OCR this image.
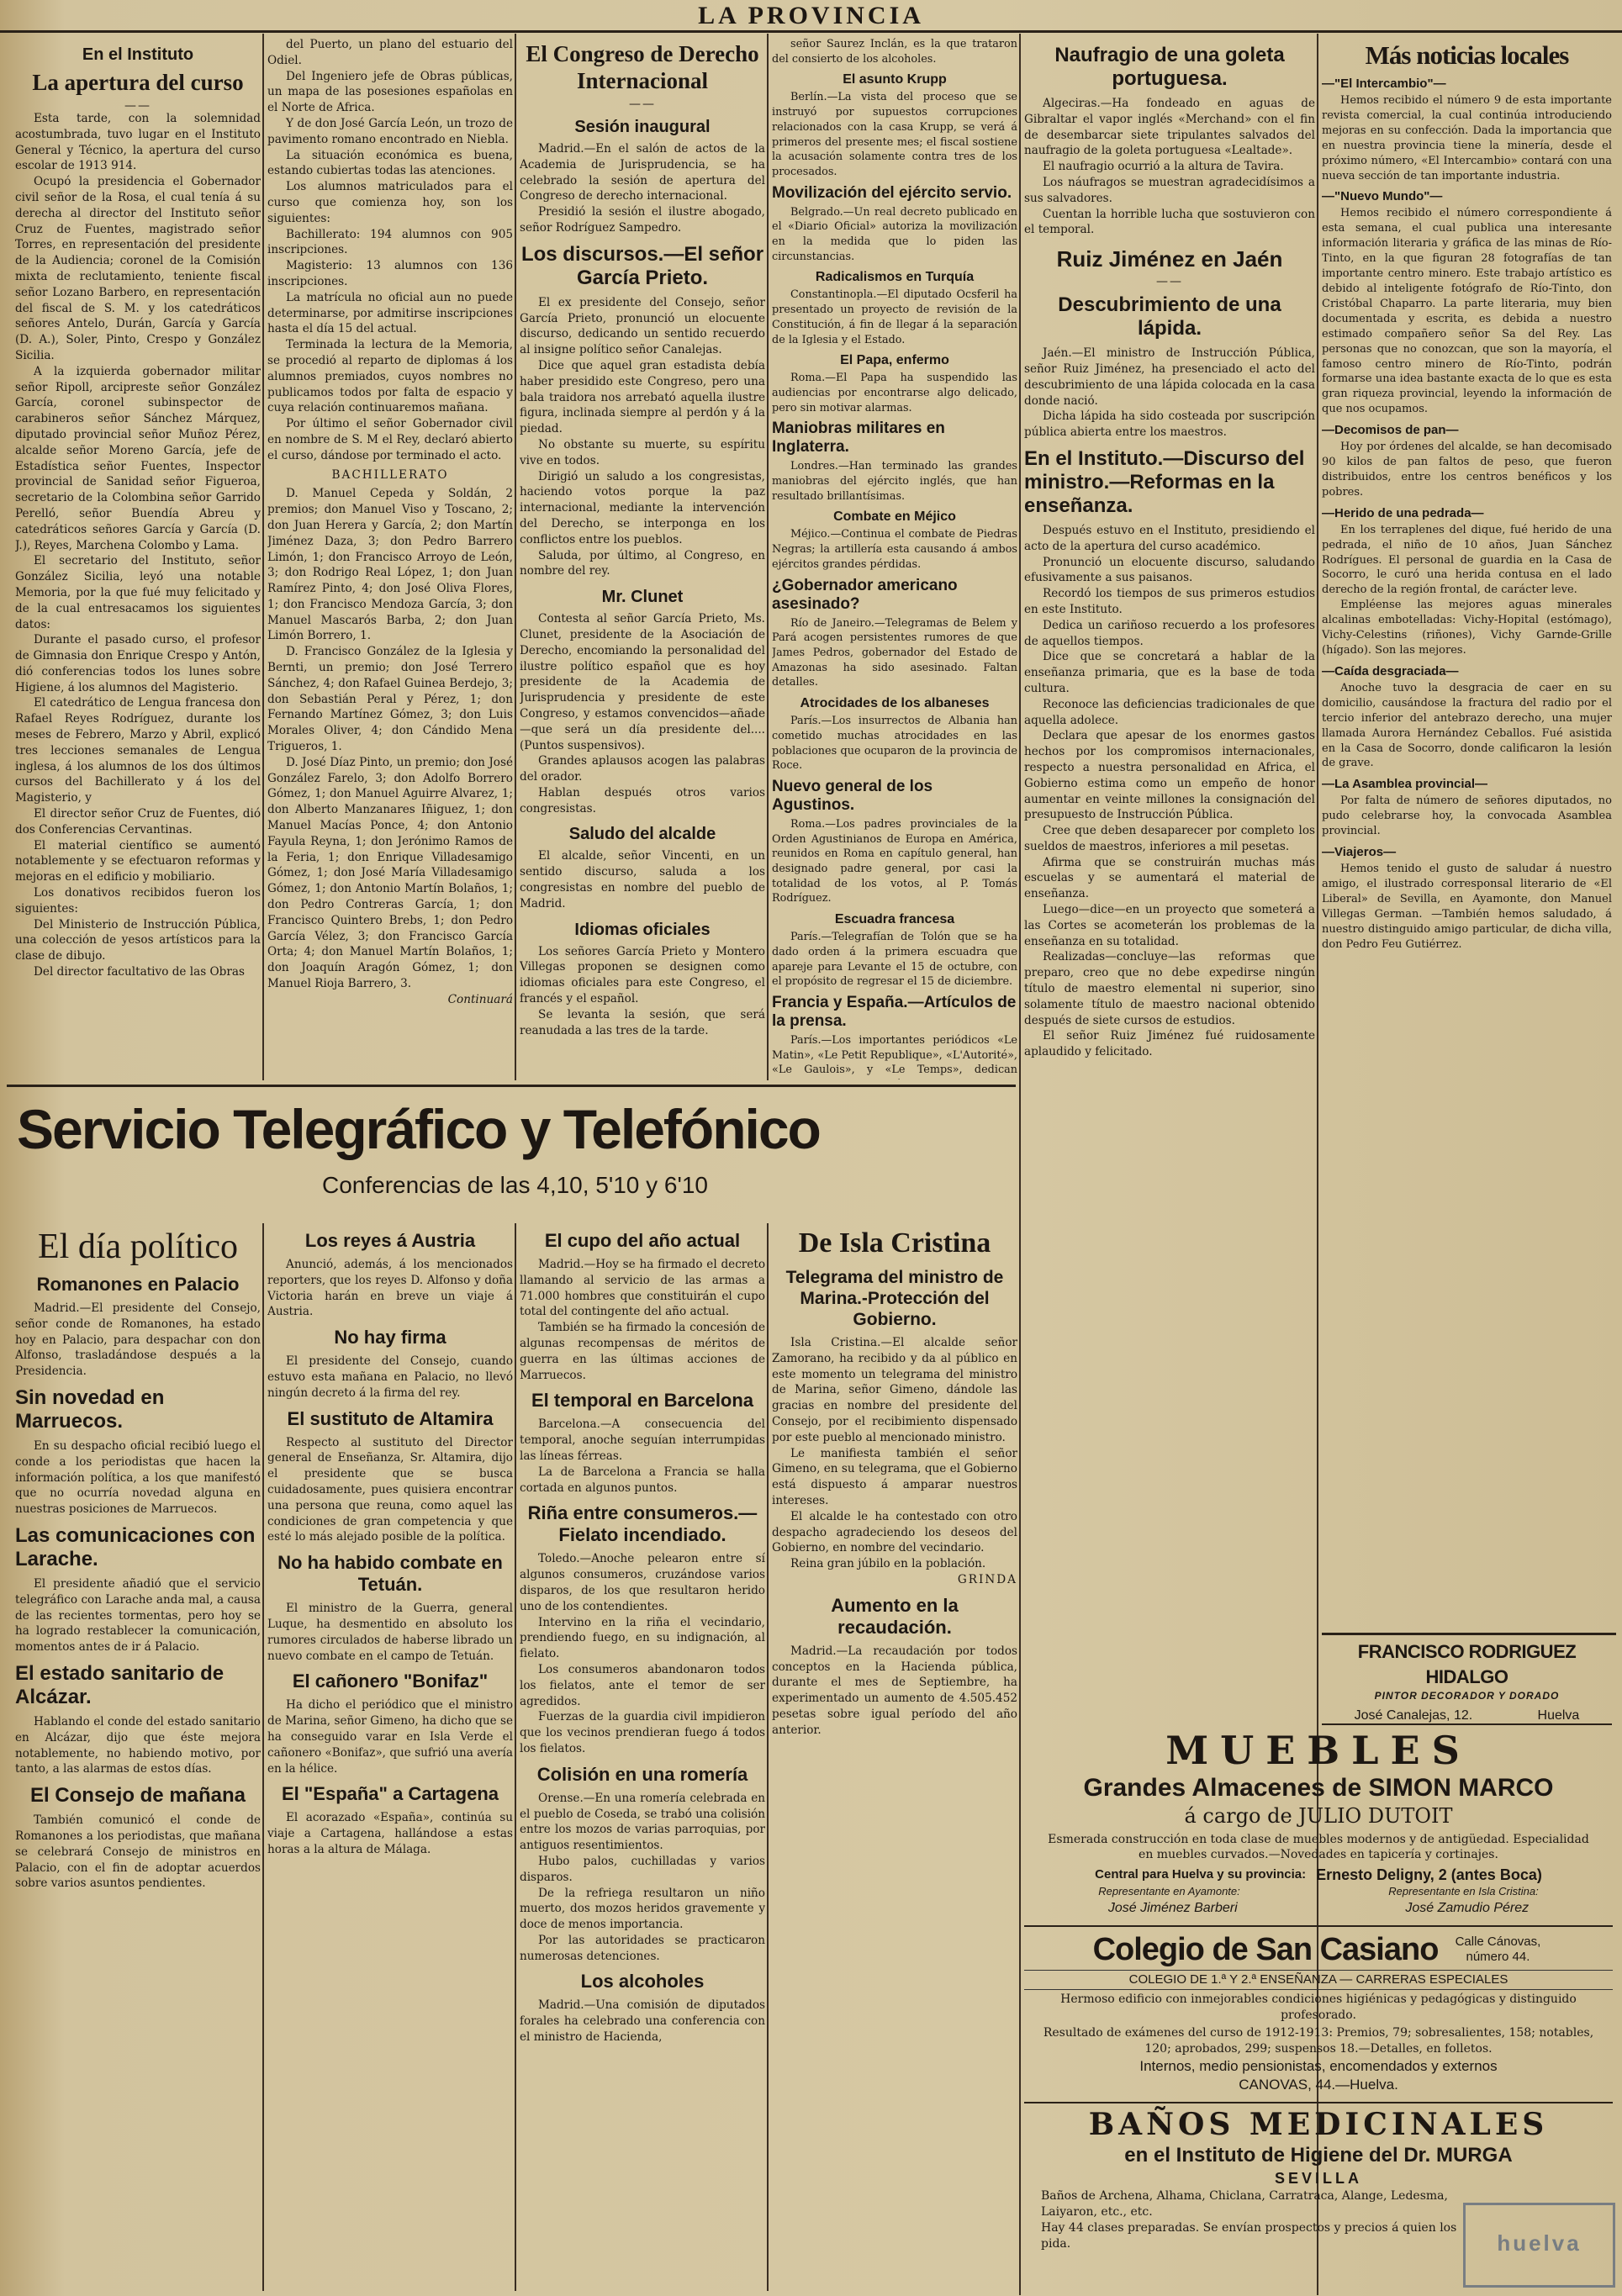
LA PROVINCIA
En el Instituto
La apertura del curso
——

Esta tarde, con la solemnidad acostumbrada, tuvo lugar en el Instituto General y Técnico, la apertura del curso escolar de 1913 914.

Ocupó la presidencia el Gobernador civil señor de la Rosa, el cual tenía á su derecha al director del Instituto señor Cruz de Fuentes, magistrado señor Torres, en representación del presidente de la Audiencia; coronel de la Comisión mixta de reclutamiento, teniente fiscal señor Lozano Barbero, en representación del fiscal de S. M. y los catedráticos señores Antelo, Durán, García y García (D. A.), Soler, Pinto, Crespo y González Sicilia.

A la izquierda gobernador militar señor Ripoll, arcipreste señor González García, coronel subinspector de carabineros señor Sánchez Márquez, diputado provincial señor Muñoz Pérez, alcalde señor Moreno García, jefe de Estadística señor Fuentes, Inspector provincial de Sanidad señor Figueroa, secretario de la Colombina señor Garrido Perelló, señor Buendía Abreu y catedráticos señores García y García (D. J.), Reyes, Marchena Colombo y Lama.

El secretario del Instituto, señor González Sicilia, leyó una notable Memoria, por la que fué muy felicitado y de la cual entresacamos los siguientes datos:

Durante el pasado curso, el profesor de Gimnasia don Enrique Crespo y Antón, dió conferencias todos los lunes sobre Higiene, á los alumnos del Magisterio.

El catedrático de Lengua francesa don Rafael Reyes Rodríguez, durante los meses de Febrero, Marzo y Abril, explicó tres lecciones semanales de Lengua inglesa, á los alumnos de los dos últimos cursos del Bachillerato y á los del Magisterio, y

El director señor Cruz de Fuentes, dió dos Conferencias Cervantinas.

El material científico se aumentó notablemente y se efectuaron reformas y mejoras en el edificio y mobiliario.

Los donativos recibidos fueron los siguientes:

Del Ministerio de Instrucción Pública, una colección de yesos artísticos para la clase de dibujo.

Del director facultativo de las Obras

del Puerto, un plano del estuario del Odiel.

Del Ingeniero jefe de Obras públicas, un mapa de las posesiones españolas en el Norte de Africa.

Y de don José García León, un trozo de pavimento romano encontrado en Niebla.

La situación económica es buena, estando cubiertas todas las atenciones.

Los alumnos matriculados para el curso que comienza hoy, son los siguientes:

Bachillerato: 194 alumnos con 905 inscripciones.

Magisterio: 13 alumnos con 136 inscripciones.

La matrícula no oficial aun no puede determinarse, por admitirse inscripciones hasta el día 15 del actual.

Terminada la lectura de la Memoria, se procedió al reparto de diplomas á los alumnos premiados, cuyos nombres no publicamos todos por falta de espacio y cuya relación continuaremos mañana.

Por último el señor Gobernador civil en nombre de S. M el Rey, declaró abierto el curso, dándose por terminado el acto.

BACHILLERATO

D. Manuel Cepeda y Soldán, 2 premios; don Manuel Viso y Toscano, 2; don Juan Herera y García, 2; don Martín Jiménez Daza, 3; don Pedro Barrero Limón, 1; don Francisco Arroyo de León, 3; don Rodrigo Real López, 1; don Juan Ramírez Pinto, 4; don José Oliva Flores, 1; don Francisco Mendoza García, 3; don Manuel Mascarós Barba, 2; don Juan Limón Borrero, 1.

D. Francisco González de la Iglesia y Bernti, un premio; don José Terrero Sánchez, 4; don Rafael Guinea Berdejo, 3; don Sebastián Peral y Pérez, 1; don Fernando Martínez Gómez, 3; don Luis Morales Oliver, 4; don Cándido Mena Trigueros, 1.

D. José Díaz Pinto, un premio; don José González Farelo, 3; don Adolfo Borrero Gómez, 1; don Manuel Aguirre Alvarez, 1; don Alberto Manzanares Iñiguez, 1; don Manuel Macías Ponce, 4; don Antonio Fayula Reyna, 1; don Jerónimo Ramos de la Feria, 1; don Enrique Villadesamigo Gómez, 1; don José María Villadesamigo Gómez, 1; don Antonio Martín Bolaños, 1; don Pedro Contreras García, 1; don Francisco Quintero Brebs, 1; don Pedro García Vélez, 3; don Francisco García Orta; 4; don Manuel Martín Bolaños, 1; don Joaquín Aragón Gómez, 1; don Manuel Rioja Barrero, 3.

Continuará
El Congreso de Derecho Internacional
——
Sesión inaugural

Madrid.—En el salón de actos de la Academia de Jurisprudencia, se ha celebrado la sesión de apertura del Congreso de derecho internacional.

Presidió la sesión el ilustre abogado, señor Rodríguez Sampedro.

Los discursos.—El señor García Prieto.

El ex presidente del Consejo, señor García Prieto, pronunció un elocuente discurso, dedicando un sentido recuerdo al insigne político señor Canalejas.

Dice que aquel gran estadista debía haber presidido este Congreso, pero una bala traidora nos arrebató aquella ilustre figura, inclinada siempre al perdón y á la piedad.

No obstante su muerte, su espíritu vive en todos.

Dirigió un saludo a los congresistas, haciendo votos porque la paz internacional, mediante la intervención del Derecho, se interponga en los conflictos entre los pueblos.

Saluda, por último, al Congreso, en nombre del rey.

Mr. Clunet

Contesta al señor García Prieto, Ms. Clunet, presidente de la Asociación de Derecho, encomiando la personalidad del ilustre político español que es hoy presidente de la Academia de Jurisprudencia y presidente de este Congreso, y estamos convencidos—añade—que será un día presidente del.... (Puntos suspensivos).

Grandes aplausos acogen las palabras del orador.

Hablan después otros varios congresistas.

Saludo del alcalde

El alcalde, señor Vincenti, en un sentido discurso, saluda a los congresistas en nombre del pueblo de Madrid.

Idiomas oficiales

Los señores García Prieto y Montero Villegas proponen se designen como idiomas oficiales para este Congreso, el francés y el español.

Se levanta la sesión, que será reanudada a las tres de la tarde.

señor Saurez Inclán, es la que trataron del consierto de los alcoholes.

El asunto Krupp

Berlín.—La vista del proceso que se instruyó por supuestos corrupciones relacionados con la casa Krupp, se verá á primeros del presente mes; el fiscal sostiene la acusación solamente contra tres de los procesados.

Movilización del ejército servio.

Belgrado.—Un real decreto publicado en el «Diario Oficial» autoriza la movilización en la medida que lo piden las circunstancias.

Radicalismos en Turquía

Constantinopla.—El diputado Ocsferil ha presentado un proyecto de revisión de la Constitución, á fin de llegar á la separación de la Iglesia y el Estado.

El Papa, enfermo

Roma.—El Papa ha suspendido las audiencias por encontrarse algo delicado, pero sin motivar alarmas.

Maniobras militares en Inglaterra.

Londres.—Han terminado las grandes maniobras del ejército inglés, que han resultado brillantísimas.

Combate en Méjico

Méjico.—Continua el combate de Piedras Negras; la artillería esta causando á ambos ejércitos grandes pérdidas.

¿Gobernador americano asesinado?

Río de Janeiro.—Telegramas de Belem y Pará acogen persistentes rumores de que James Pedros, gobernador del Estado de Amazonas ha sido asesinado. Faltan detalles.

Atrocidades de los albaneses

París.—Los insurrectos de Albania han cometido muchas atrocidades en las poblaciones que ocuparon de la provincia de Roce.

Nuevo general de los Agustinos.

Roma.—Los padres provinciales de la Orden Agustinianos de Europa en América, reunidos en Roma en capítulo general, han designado padre general, por casi la totalidad de los votos, al P. Tomás Rodríguez.

Escuadra francesa

París.—Telegrafían de Tolón que se ha dado orden á la primera escuadra que apareje para Levante el 15 de octubre, con el propósito de regresar el 15 de diciembre.

Francia y España.—Artículos de la prensa.

París.—Los importantes periódicos «Le Matin», «Le Petit Republique», «L'Autorité», «Le Gaulois», y «Le Temps», dedican

Naufragio de una goleta portuguesa.

Algeciras.—Ha fondeado en aguas de Gibraltar el vapor inglés «Merchand» con el fin de desembarcar siete tripulantes salvados del naufragio de la goleta portuguesa «Lealtade».

El naufragio ocurrió a la altura de Tavira.

Los náufragos se muestran agradecidísimos a sus salvadores.

Cuentan la horrible lucha que sostuvieron con el temporal.

Ruiz Jiménez en Jaén
——
Descubrimiento de una lápida.

Jaén.—El ministro de Instrucción Pública, señor Ruiz Jiménez, ha presenciado el acto del descubrimiento de una lápida colocada en la casa donde nació.

Dicha lápida ha sido costeada por suscripción pública abierta entre los maestros.

En el Instituto.—Discurso del ministro.—Reformas en la enseñanza.

Después estuvo en el Instituto, presidiendo el acto de la apertura del curso académico.

Pronunció un elocuente discurso, saludando efusivamente a sus paisanos.

Recordó los tiempos de sus primeros estudios en este Instituto.

Dedica un cariñoso recuerdo a los profesores de aquellos tiempos.

Dice que se concretará a hablar de la enseñanza primaria, que es la base de toda cultura.

Reconoce las deficiencias tradicionales de que aquella adolece.

Declara que apesar de los enormes gastos hechos por los compromisos internacionales, respecto a nuestra personalidad en Africa, el Gobierno estima como un empeño de honor aumentar en veinte millones la consignación del presupuesto de Instrucción Pública.

Cree que deben desaparecer por completo los sueldos de maestros, inferiores a mil pesetas.

Afirma que se construirán muchas más escuelas y se aumentará el material de enseñanza.

Luego—dice—en un proyecto que someterá a las Cortes se acometerán los problemas de la enseñanza en su totalidad.

Realizadas—concluye—las reformas que preparo, creo que no debe expedirse ningún título de maestro elemental ni superior, sino solamente título de maestro nacional obtenido después de siete cursos de estudios.

El señor Ruiz Jiménez fué ruidosamente aplaudido y felicitado.

Más noticias locales
—"El Intercambio"—

Hemos recibido el número 9 de esta importante revista comercial, la cual continúa introduciendo mejoras en su confección. Dada la importancia que en nuestra provincia tiene la minería, desde el próximo número, «El Intercambio» contará con una nueva sección de tan importante industria.

—"Nuevo Mundo"—

Hemos recibido el número correspondiente á esta semana, el cual publica una interesante información literaria y gráfica de las minas de Río-Tinto, en la que figuran 28 fotografías de tan importante centro minero. Este trabajo artístico es debido al inteligente fotógrafo de Río-Tinto, don Cristóbal Chaparro. La parte literaria, muy bien documentada y escrita, es debida a nuestro estimado compañero señor Sa del Rey. Las personas que no conozcan, que son la mayoría, el famoso centro minero de Río-Tinto, podrán formarse una idea bastante exacta de lo que es esta gran riqueza provincial, leyendo la información de que nos ocupamos.

—Decomisos de pan—

Hoy por órdenes del alcalde, se han decomisado 90 kilos de pan faltos de peso, que fueron distribuidos, entre los centros benéficos y los pobres.

—Herido de una pedrada—

En los terraplenes del dique, fué herido de una pedrada, el niño de 10 años, Juan Sánchez Rodrígues. El personal de guardia en la Casa de Socorro, le curó una herida contusa en el lado derecho de la región frontal, de carácter leve.

Empléense las mejores aguas minerales alcalinas embotelladas: Vichy-Hopital (estómago), Vichy-Celestins (riñones), Vichy Garnde-Grille (hígado). Son las mejores.

—Caída desgraciada—

Anoche tuvo la desgracia de caer en su domicilio, causándose la fractura del radio por el tercio inferior del antebrazo derecho, una mujer llamada Aurora Hernández Ceballos. Fué asistida en la Casa de Socorro, donde calificaron la lesión de grave.

—La Asamblea provincial—

Por falta de número de señores diputados, no pudo celebrarse hoy, la convocada Asamblea provincial.

—Viajeros—

Hemos tenido el gusto de saludar á nuestro amigo, el ilustrado corresponsal literario de «El Liberal» de Sevilla, en Ayamonte, don Manuel Villegas German. —También hemos saludado, á nuestro distinguido amigo particular, de dicha villa, don Pedro Feu Gutiérrez.

FRANCISCO RODRIGUEZ HIDALGO
PINTOR DECORADOR Y DORADO
José Canalejas, 12.	Huelva
MUEBLES
Grandes Almacenes de SIMON MARCO
á cargo de JULIO DUTOIT
Esmerada construcción en toda clase de muebles modernos y de antigüedad. Especialidad en muebles curvados.—Novedades en tapicería y cortinajes.
Central para Huelva y su provincia: Ernesto Deligny, 2 (antes Boca)
Representante en Ayamonte:	Representante en Isla Cristina:
José Jiménez Barberi	José Zamudio Pérez
Colegio de San Casiano Calle Cánovas, número 44.
COLEGIO DE 1.ª Y 2.ª ENSEÑANZA — CARRERAS ESPECIALES
Hermoso edificio con inmejorables condiciones higiénicas y pedagógicas y distinguido profesorado.
Resultado de exámenes del curso de 1912-1913: Premios, 79; sobresalientes, 158; notables, 120; aprobados, 299; suspensos 18.—Detalles, en folletos.
Internos, medio pensionistas, encomendados y externos
CANOVAS, 44.—Huelva.
BAÑOS MEDICINALES
en el Instituto de Higiene del Dr. MURGA
SEVILLA
Baños de Archena, Alhama, Chiclana, Carratraca, Alange, Ledesma, Laiyaron, etc., etc.
Hay 44 clases preparadas. Se envían prospectos y precios á quien los pida.	huelva
Servicio Telegráfico y Telefónico
Conferencias de las 4,10, 5'10 y 6'10
El día político
Romanones en Palacio

Madrid.—El presidente del Consejo, señor conde de Romanones, ha estado hoy en Palacio, para despachar con don Alfonso, trasladándose después a la Presidencia.

Sin novedad en Marruecos.

En su despacho oficial recibió luego el conde a los periodistas que hacen la información política, a los que manifestó que no ocurría novedad alguna en nuestras posiciones de Marruecos.

Las comunicaciones con Larache.

El presidente añadió que el servicio telegráfico con Larache anda mal, a causa de las recientes tormentas, pero hoy se ha logrado restablecer la comunicación, momentos antes de ir á Palacio.

El estado sanitario de Alcázar.

Hablando el conde del estado sanitario en Alcázar, dijo que éste mejora notablemente, no habiendo motivo, por tanto, a las alarmas de estos días.

El Consejo de mañana

También comunicó el conde de Romanones a los periodistas, que mañana se celebrará Consejo de ministros en Palacio, con el fin de adoptar acuerdos sobre varios asuntos pendientes.

Los reyes á Austria

Anunció, además, á los mencionados reporters, que los reyes D. Alfonso y doña Victoria harán en breve un viaje á Austria.

No hay firma

El presidente del Consejo, cuando estuvo esta mañana en Palacio, no llevó ningún decreto á la firma del rey.

El sustituto de Altamira

Respecto al sustituto del Director general de Enseñanza, Sr. Altamira, dijo el presidente que se busca cuidadosamente, pues quisiera encontrar una persona que reuna, como aquel las condiciones de gran competencia y que esté lo más alejado posible de la política.

No ha habido combate en Tetuán.

El ministro de la Guerra, general Luque, ha desmentido en absoluto los rumores circulados de haberse librado un nuevo combate en el campo de Tetuán.

El cañonero "Bonifaz"

Ha dicho el periódico que el ministro de Marina, señor Gimeno, ha dicho que se ha conseguido varar en Isla Verde el cañonero «Bonifaz», que sufrió una avería en la hélice.

El "España" a Cartagena

El acorazado «España», continúa su viaje a Cartagena, hallándose a estas horas a la altura de Málaga.

El cupo del año actual

Madrid.—Hoy se ha firmado el decreto llamando al servicio de las armas a 71.000 hombres que constituirán el cupo total del contingente del año actual.

También se ha firmado la concesión de algunas recompensas de méritos de guerra en las últimas acciones de Marruecos.

El temporal en Barcelona

Barcelona.—A consecuencia del temporal, anoche seguían interrumpidas las líneas férreas.

La de Barcelona a Francia se halla cortada en algunos puntos.

Riña entre consumeros.—Fielato incendiado.

Toledo.—Anoche pelearon entre sí algunos consumeros, cruzándose varios disparos, de los que resultaron herido uno de los contendientes.

Intervino en la riña el vecindario, prendiendo fuego, en su indignación, al fielato.

Los consumeros abandonaron todos los fielatos, ante el temor de ser agredidos.

Fuerzas de la guardia civil impidieron que los vecinos prendieran fuego á todos los fielatos.

Colisión en una romería

Orense.—En una romería celebrada en el pueblo de Coseda, se trabó una colisión entre los mozos de varias parroquias, por antiguos resentimientos.

Hubo palos, cuchilladas y varios disparos.

De la refriega resultaron un niño muerto, dos mozos heridos gravemente y doce de menos importancia.

Por las autoridades se practicaron numerosas detenciones.

Los alcoholes

Madrid.—Una comisión de diputados forales ha celebrado una conferencia con el ministro de Hacienda,

De Isla Cristina
Telegrama del ministro de Marina.-Protección del Gobierno.

Isla Cristina.—El alcalde señor Zamorano, ha recibido y da al público en este momento un telegrama del ministro de Marina, señor Gimeno, dándole las gracias en nombre del presidente del Consejo, por el recibimiento dispensado por este pueblo al mencionado ministro.

Le manifiesta también el señor Gimeno, en su telegrama, que el Gobierno está dispuesto á amparar nuestros intereses.

El alcalde le ha contestado con otro despacho agradeciendo los deseos del Gobierno, en nombre del vecindario.

Reina gran júbilo en la población.

GRINDA
Aumento en la recaudación.

Madrid.—La recaudación por todos conceptos en la Hacienda pública, durante el mes de Septiembre, ha experimentado un aumento de 4.505.452 pesetas sobre igual período del año anterior.
